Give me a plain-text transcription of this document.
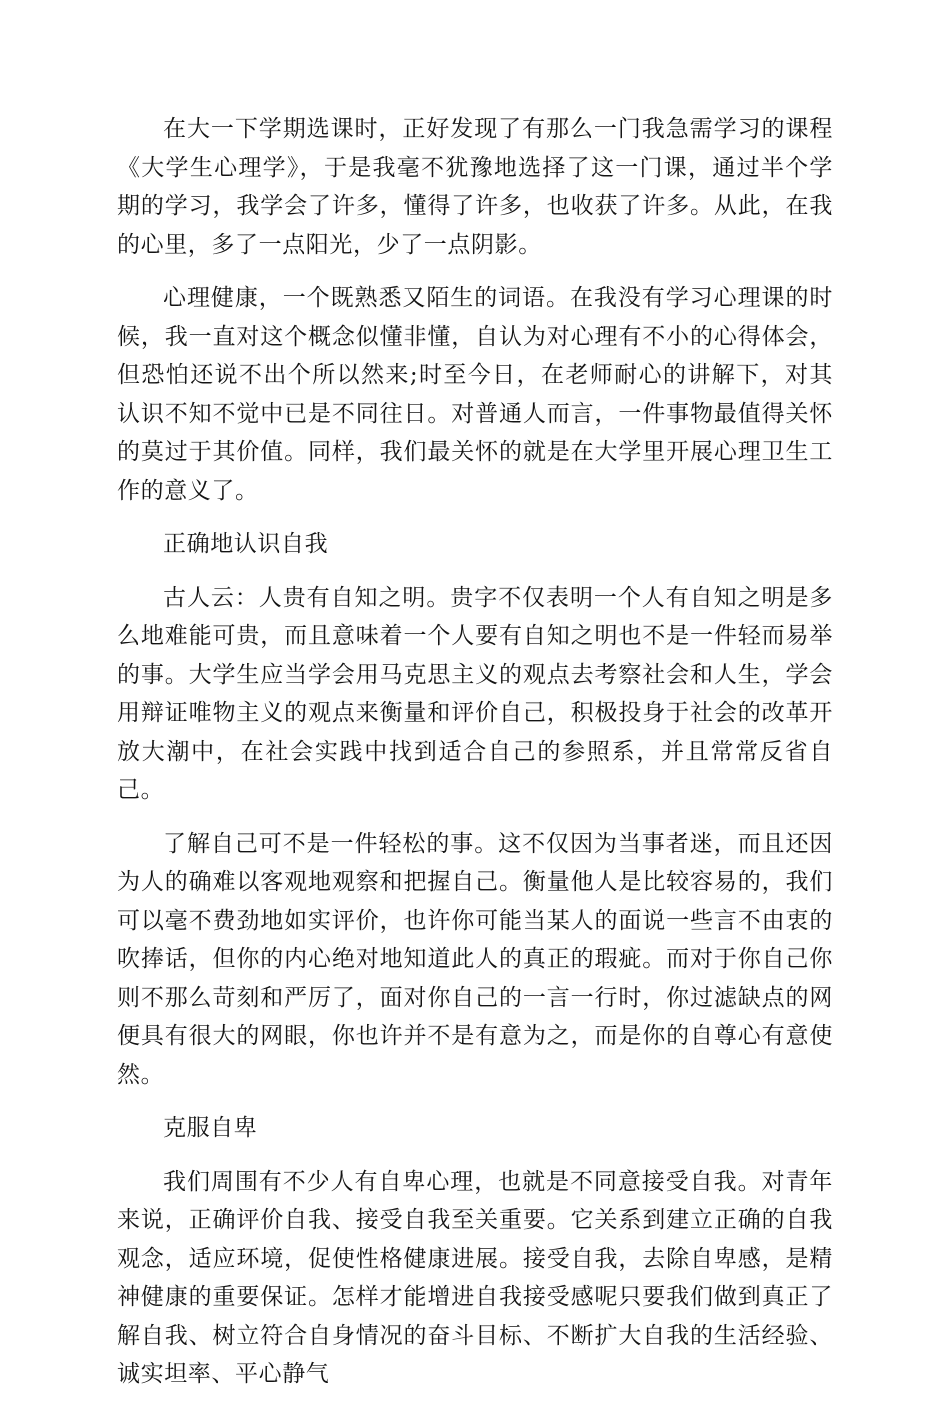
在大一下学期选课时，正好发现了有那么一门我急需学习的课程《大学生心理学》，于是我毫不犹豫地选择了这一门课，通过半个学期的学习，我学会了许多，懂得了许多，也收获了许多。从此，在我的心里，多了一点阳光，少了一点阴影。

心理健康，一个既熟悉又陌生的词语。在我没有学习心理课的时候，我一直对这个概念似懂非懂，自认为对心理有不小的心得体会，但恐怕还说不出个所以然来;时至今日，在老师耐心的讲解下，对其认识不知不觉中已是不同往日。对普通人而言，一件事物最值得关怀的莫过于其价值。同样，我们最关怀的就是在大学里开展心理卫生工作的意义了。

正确地认识自我

古人云：人贵有自知之明。贵字不仅表明一个人有自知之明是多么地难能可贵，而且意味着一个人要有自知之明也不是一件轻而易举的事。大学生应当学会用马克思主义的观点去考察社会和人生，学会用辩证唯物主义的观点来衡量和评价自己，积极投身于社会的改革开放大潮中，在社会实践中找到适合自己的参照系，并且常常反省自己。

了解自己可不是一件轻松的事。这不仅因为当事者迷，而且还因为人的确难以客观地观察和把握自己。衡量他人是比较容易的，我们可以毫不费劲地如实评价，也许你可能当某人的面说一些言不由衷的吹捧话，但你的内心绝对地知道此人的真正的瑕疵。而对于你自己你则不那么苛刻和严厉了，面对你自己的一言一行时，你过滤缺点的网便具有很大的网眼，你也许并不是有意为之，而是你的自尊心有意使然。

克服自卑

我们周围有不少人有自卑心理，也就是不同意接受自我。对青年来说，正确评价自我、接受自我至关重要。它关系到建立正确的自我观念，适应环境，促使性格健康进展。接受自我，去除自卑感，是精神健康的重要保证。怎样才能增进自我接受感呢只要我们做到真正了解自我、树立符合自身情况的奋斗目标、不断扩大自我的生活经验、诚实坦率、平心静气
